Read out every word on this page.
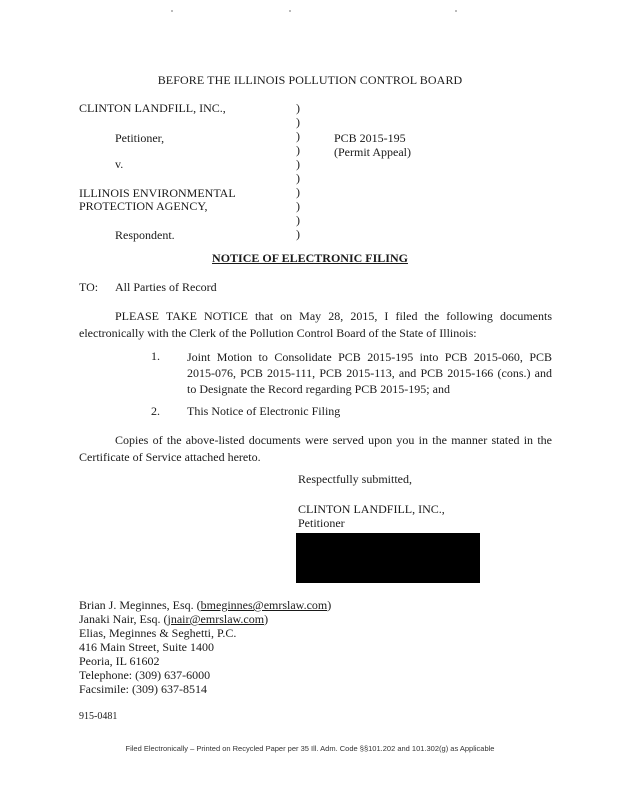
BEFORE THE ILLINOIS POLLUTION CONTROL BOARD
CLINTON LANDFILL, INC.,
Petitioner,
v.
ILLINOIS ENVIRONMENTAL
PROTECTION AGENCY,
Respondent.
)
)
)
)
)
)
)
)
)
)
PCB 2015-195
(Permit Appeal)
NOTICE OF ELECTRONIC FILING
TO: All Parties of Record
PLEASE TAKE NOTICE that on May 28, 2015, I filed the following documents electronically with the Clerk of the Pollution Control Board of the State of Illinois:
1. Joint Motion to Consolidate PCB 2015-195 into PCB 2015-060, PCB 2015-076, PCB 2015-111, PCB 2015-113, and PCB 2015-166 (cons.) and to Designate the Record regarding PCB 2015-195; and
2. This Notice of Electronic Filing
Copies of the above-listed documents were served upon you in the manner stated in the Certificate of Service attached hereto.
Respectfully submitted,
CLINTON LANDFILL, INC.,
Petitioner
Brian J. Meginnes, Esq. (bmeginnes@emrslaw.com)
Janaki Nair, Esq. (jnair@emrslaw.com)
Elias, Meginnes & Seghetti, P.C.
416 Main Street, Suite 1400
Peoria, IL 61602
Telephone: (309) 637-6000
Facsimile: (309) 637-8514
915-0481
Filed Electronically – Printed on Recycled Paper per 35 Ill. Adm. Code §§101.202 and 101.302(g) as Applicable
